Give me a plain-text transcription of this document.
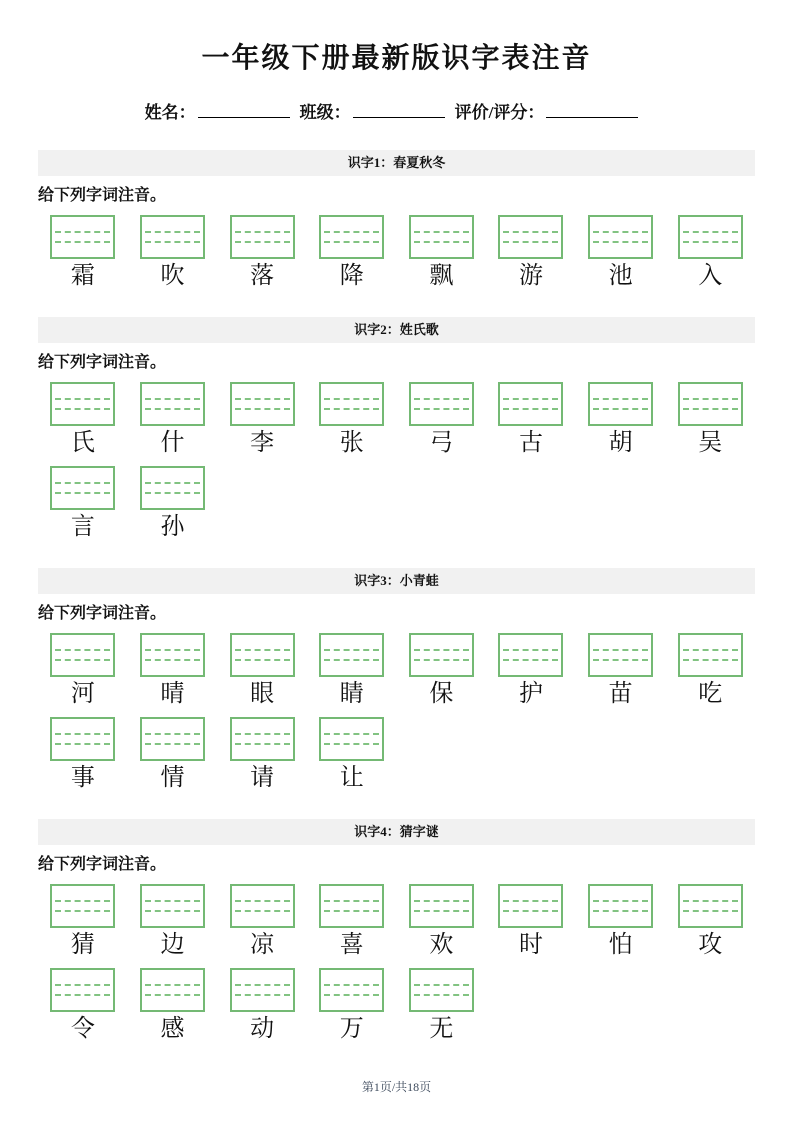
一年级下册最新版识字表注音
姓名：	班级：	评价/评分：
识字1：春夏秋冬

给下列字词注音。

霜	吹	落	降	飘	游	池	入
识字2：姓氏歌

给下列字词注音。

氏	什	李	张	弓	古	胡	吴
言	孙
识字3：小青蛙

给下列字词注音。

河	晴	眼	睛	保	护	苗	吃
事	情	请	让
识字4：猜字谜

给下列字词注音。

猜	边	凉	喜	欢	时	怕	攻
令	感	动	万	无
第1页/共18页
